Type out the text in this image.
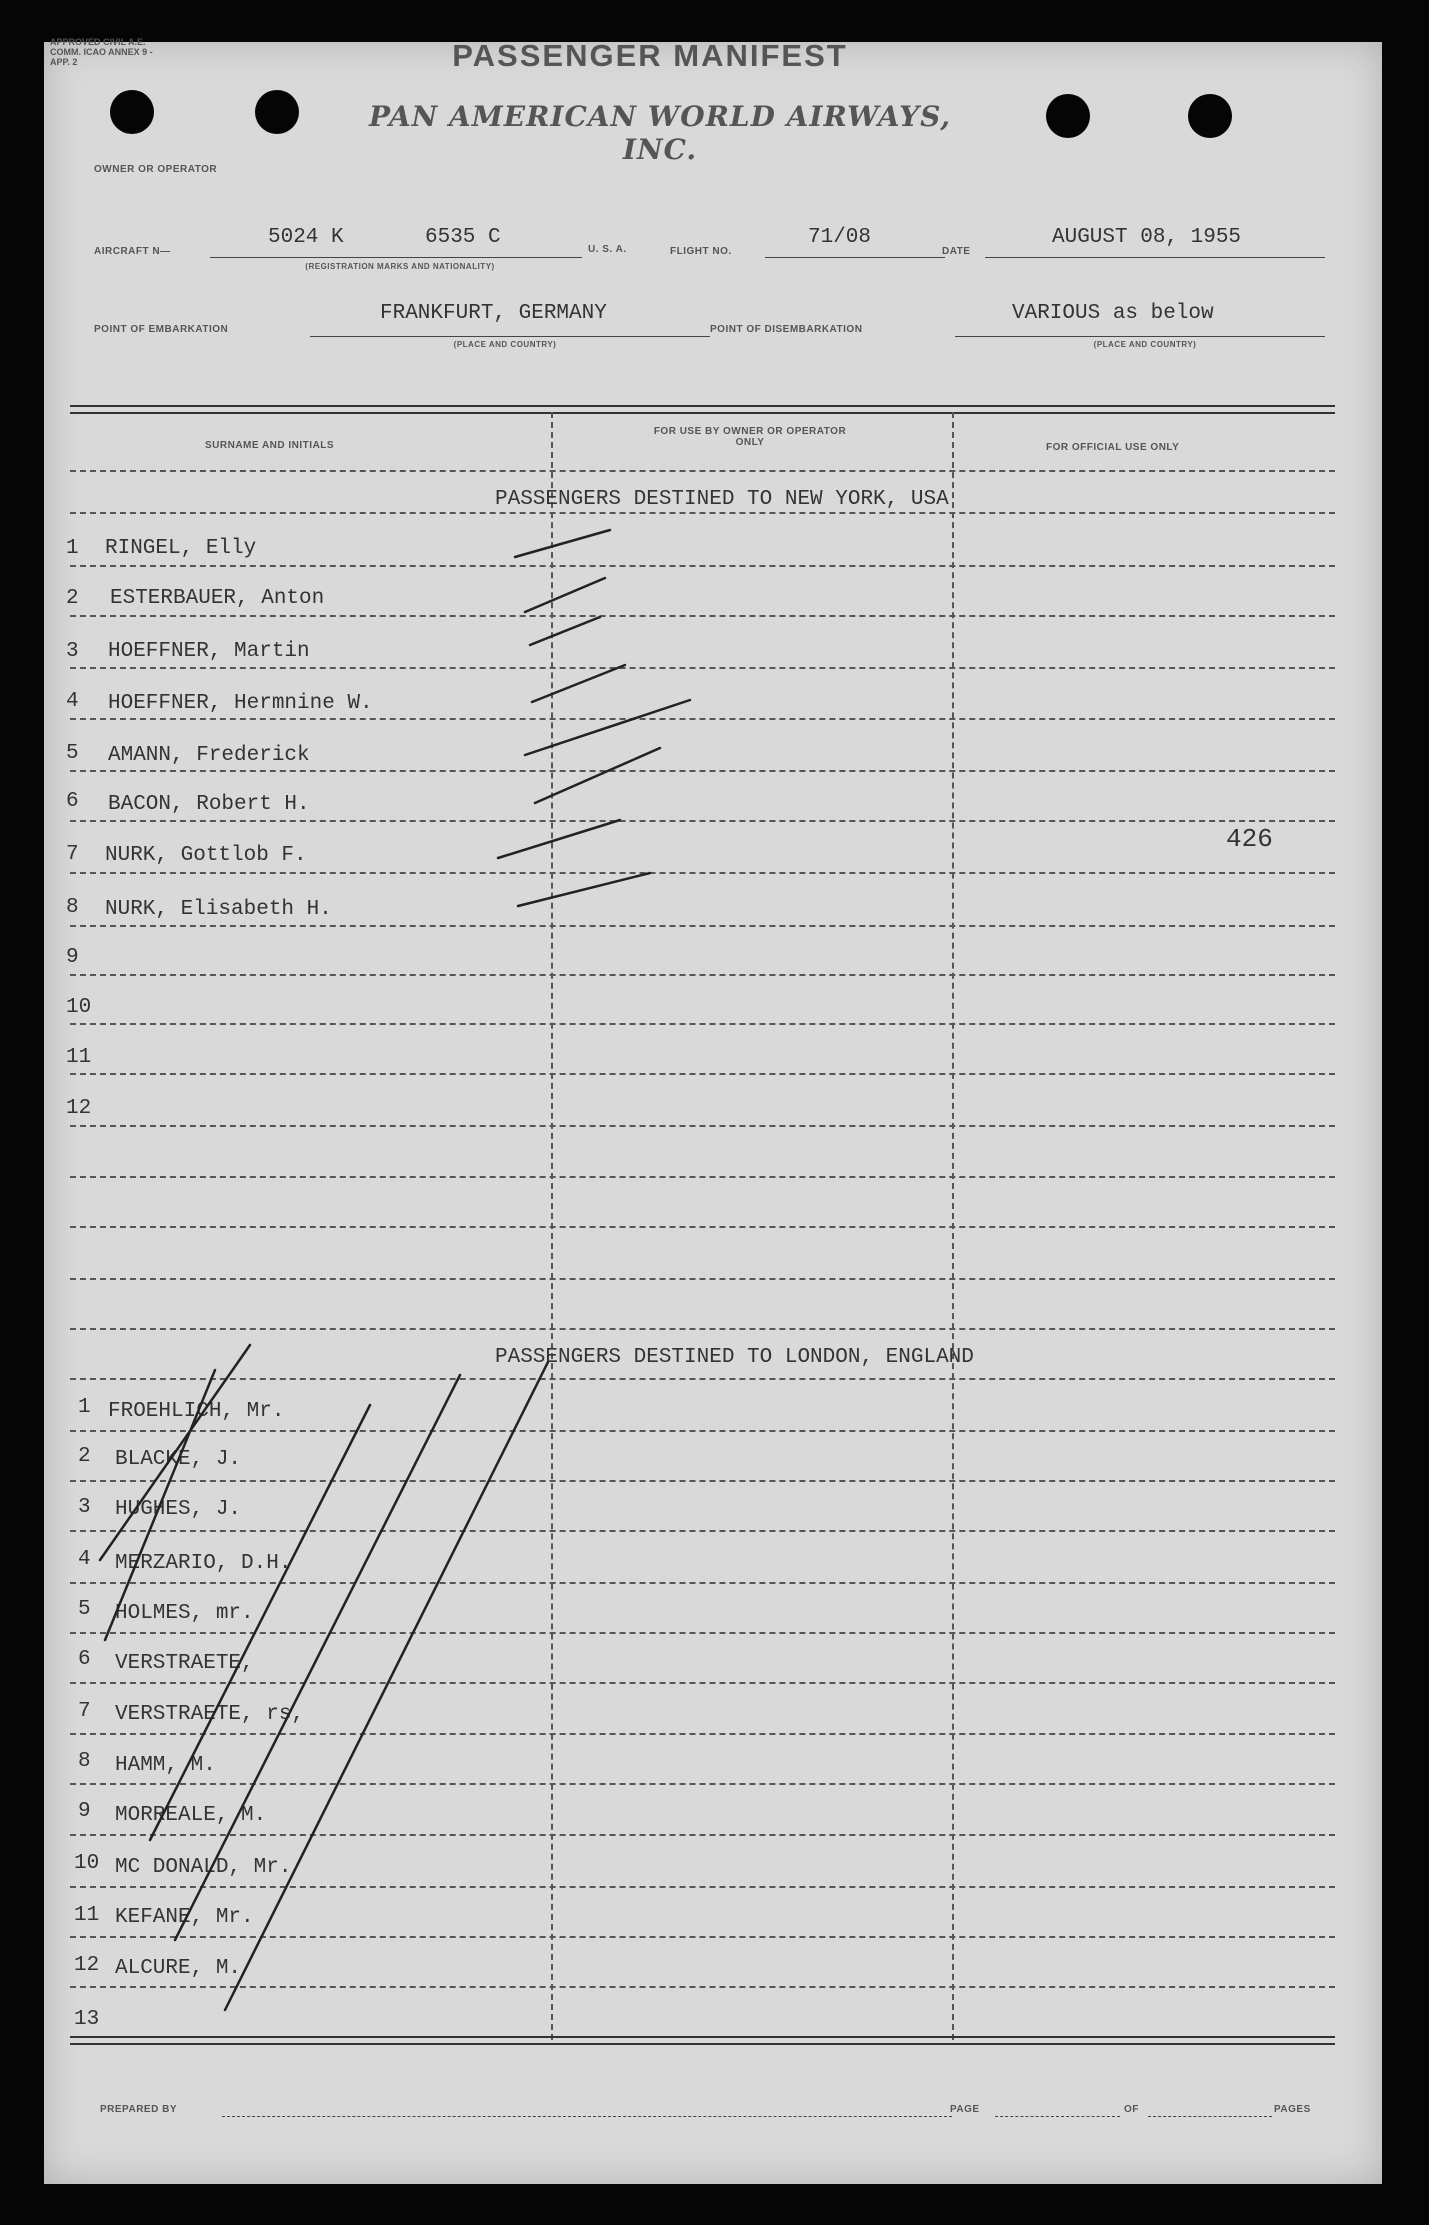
APPROVED CIVIL A.E. COMM. ICAO ANNEX 9 - APP. 2	PASSENGER MANIFEST
OWNER OR OPERATOR
PAN AMERICAN WORLD AIRWAYS, INC.
AIRCRAFT N—
5024 K	6535 C
(REGISTRATION MARKS AND NATIONALITY)
U. S. A.	FLIGHT NO.
71/08
DATE
AUGUST 08, 1955
POINT OF EMBARKATION
FRANKFURT, GERMANY
(PLACE AND COUNTRY)
POINT OF DISEMBARKATION
VARIOUS as below
(PLACE AND COUNTRY)
SURNAME AND INITIALS
FOR USE BY OWNER OR OPERATOR ONLY	FOR OFFICIAL USE ONLY
PASSENGERS DESTINED TO NEW YORK, USA
1 RINGEL, Elly
2 ESTERBAUER, Anton
3 HOEFFNER, Martin
4 HOEFFNER, Hermnine W.
5 AMANN, Frederick
6 BACON, Robert H.
7 NURK, Gottlob F.
426
8 NURK, Elisabeth H.
9
10
11
12
PASSENGERS DESTINED TO LONDON, ENGLAND
1 FROEHLICH, Mr.
2 BLACKE, J.
3 HUGHES, J.
4 MERZARIO, D.H.
5 HOLMES, mr.
6 VERSTRAETE,
7 VERSTRAETE, rs,
8 HAMM, M.
9 MORREALE, M.
10 MC DONALD, Mr.
11 KEFANE, Mr.
12 ALCURE, M.
13
PREPARED BY	PAGE	OF	PAGES
